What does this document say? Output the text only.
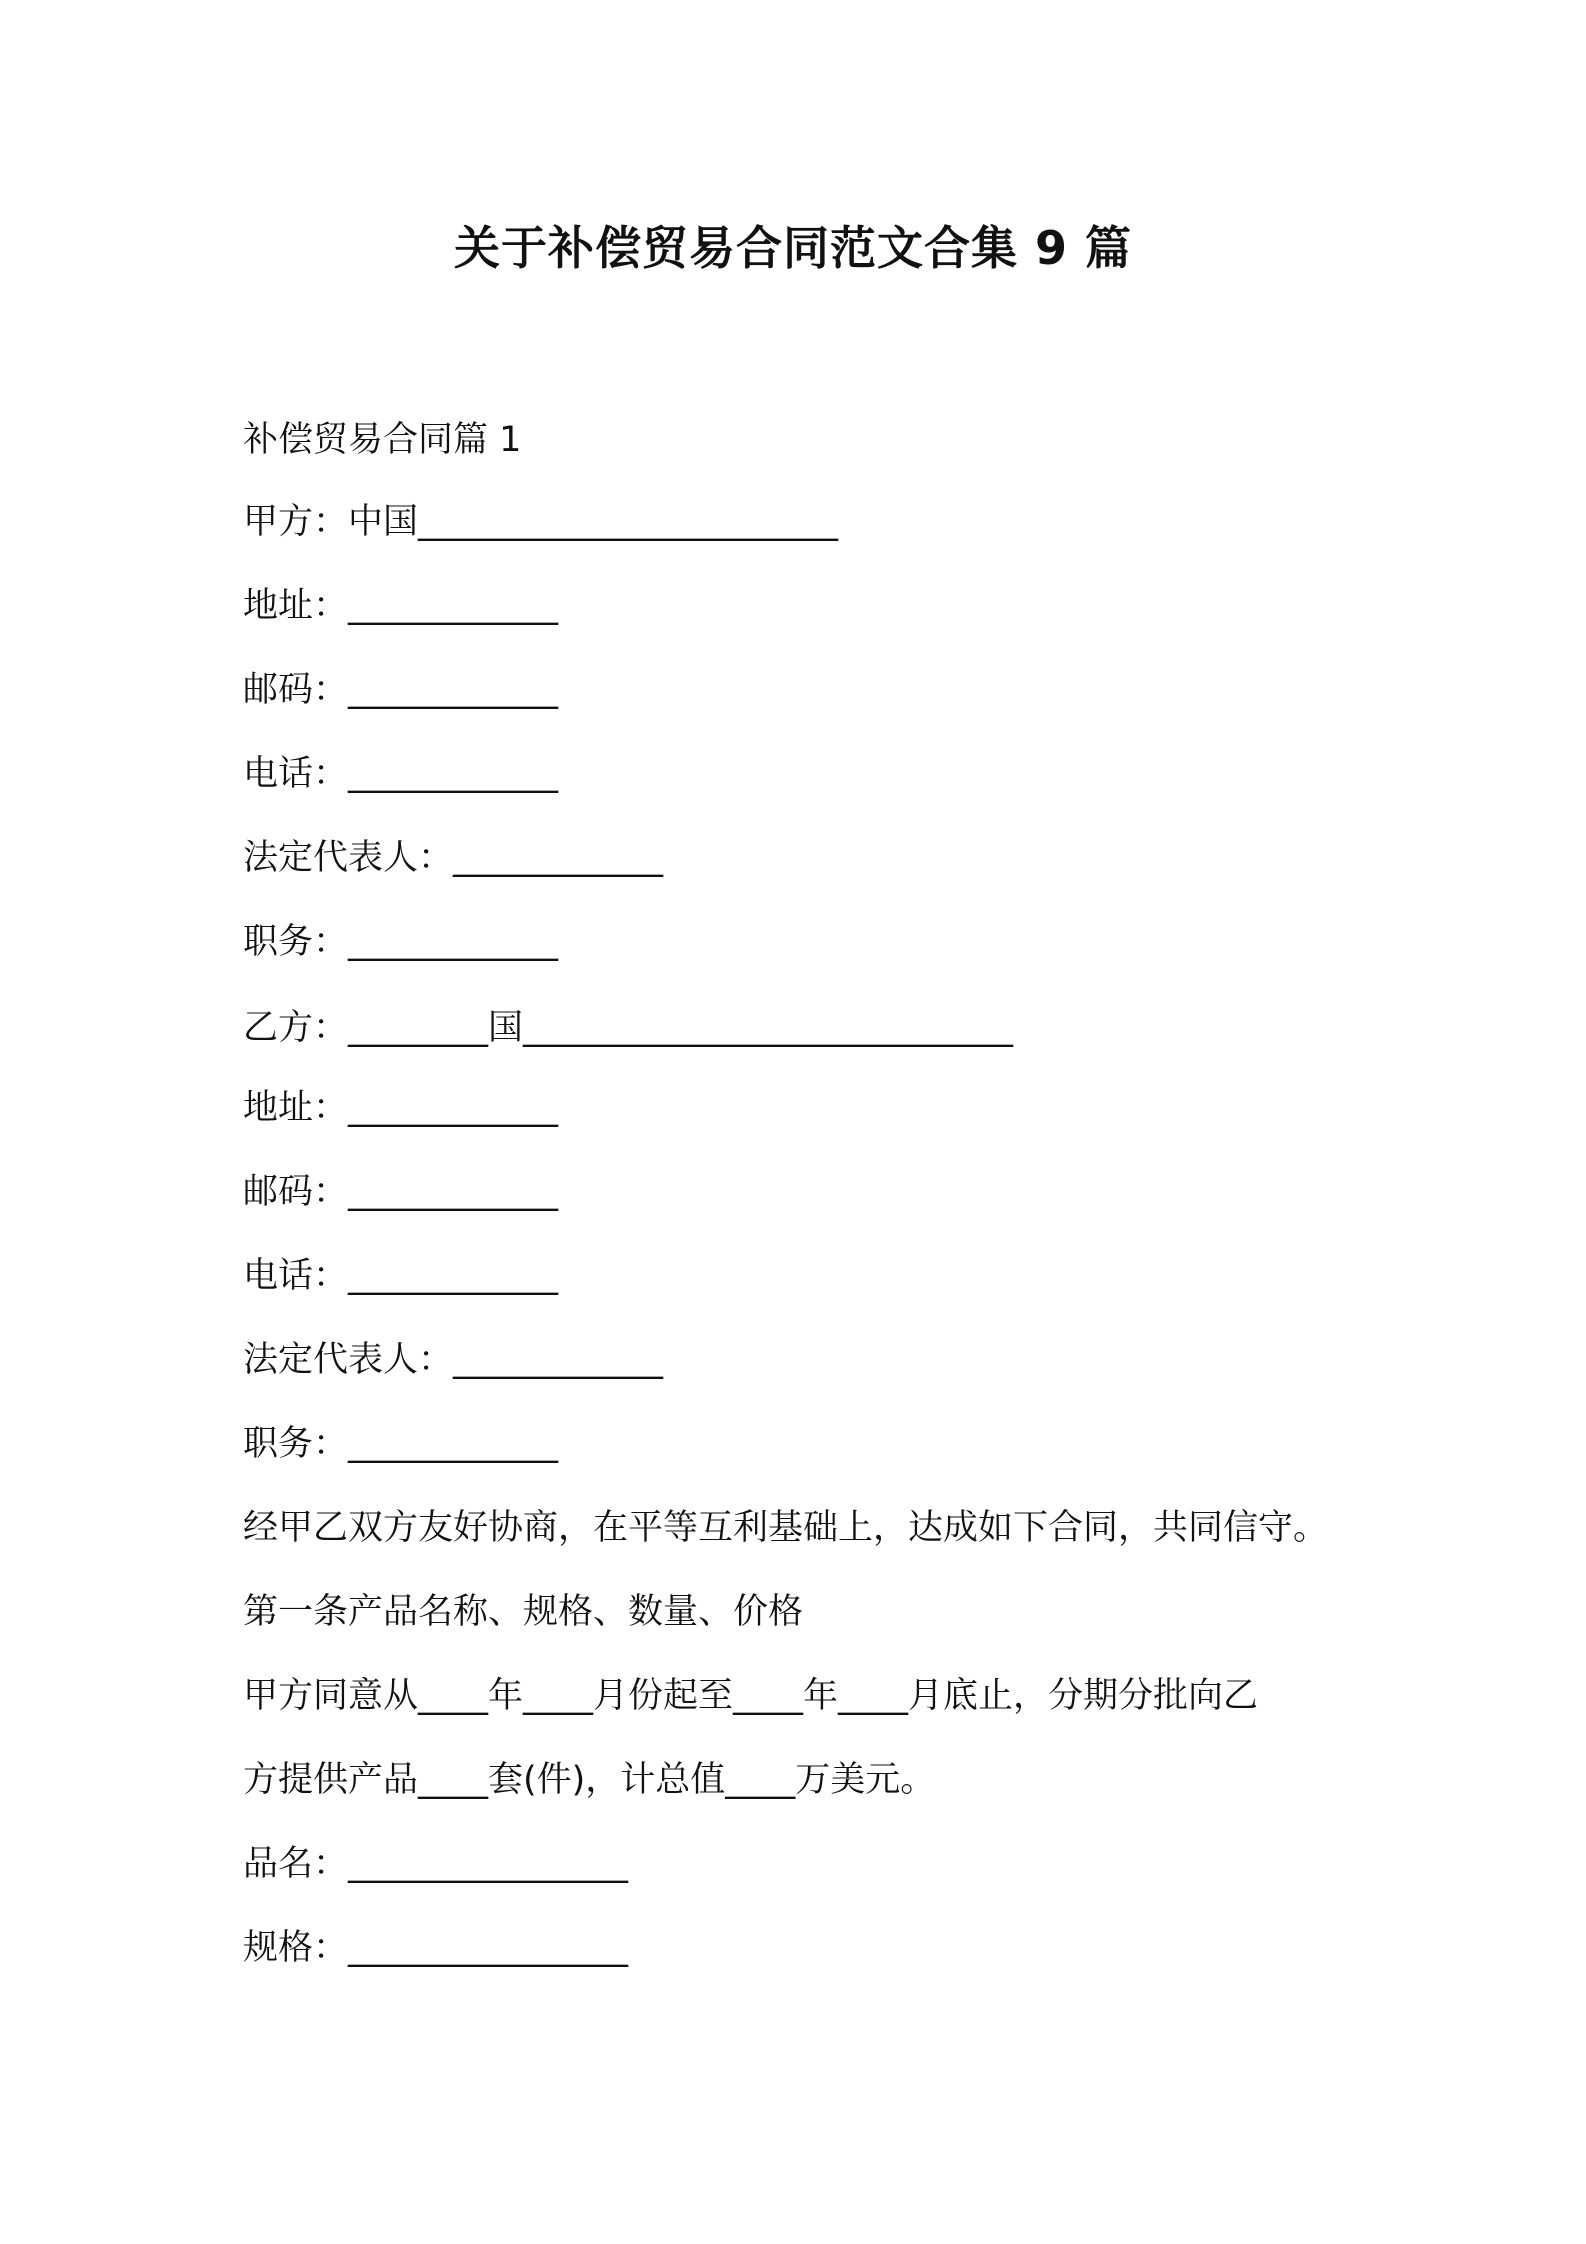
关于补偿贸易合同范文合集 9 篇
补偿贸易合同篇 1
甲方：中国________________________
地址：____________
邮码：____________
电话：____________
法定代表人：____________
职务：____________
乙方：________国____________________________
地址：____________
邮码：____________
电话：____________
法定代表人：____________
职务：____________
经甲乙双方友好协商，在平等互利基础上，达成如下合同，共同信守。
第一条产品名称、规格、数量、价格
甲方同意从____年____月份起至____年____月底止，分期分批向乙
方提供产品____套(件)，计总值____万美元。
品名：________________
规格：________________
